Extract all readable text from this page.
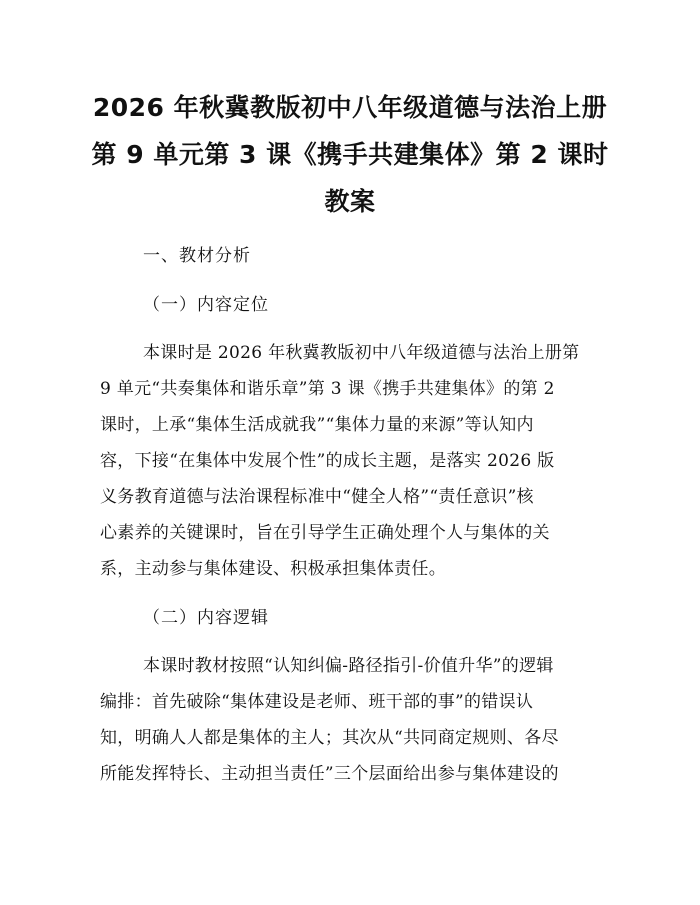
2026 年秋冀教版初中八年级道德与法治上册
第 9 单元第 3 课《携手共建集体》第 2 课时
教案
一、教材分析
（一）内容定位
本课时是 2026 年秋冀教版初中八年级道德与法治上册第
9 单元“共奏集体和谐乐章”第 3 课《携手共建集体》的第 2
课时，上承“集体生活成就我”“集体力量的来源”等认知内
容，下接“在集体中发展个性”的成长主题，是落实 2026 版
义务教育道德与法治课程标准中“健全人格”“责任意识”核
心素养的关键课时，旨在引导学生正确处理个人与集体的关
系，主动参与集体建设、积极承担集体责任。
（二）内容逻辑
本课时教材按照“认知纠偏-路径指引-价值升华”的逻辑
编排：首先破除“集体建设是老师、班干部的事”的错误认
知，明确人人都是集体的主人；其次从“共同商定规则、各尽
所能发挥特长、主动担当责任”三个层面给出参与集体建设的
